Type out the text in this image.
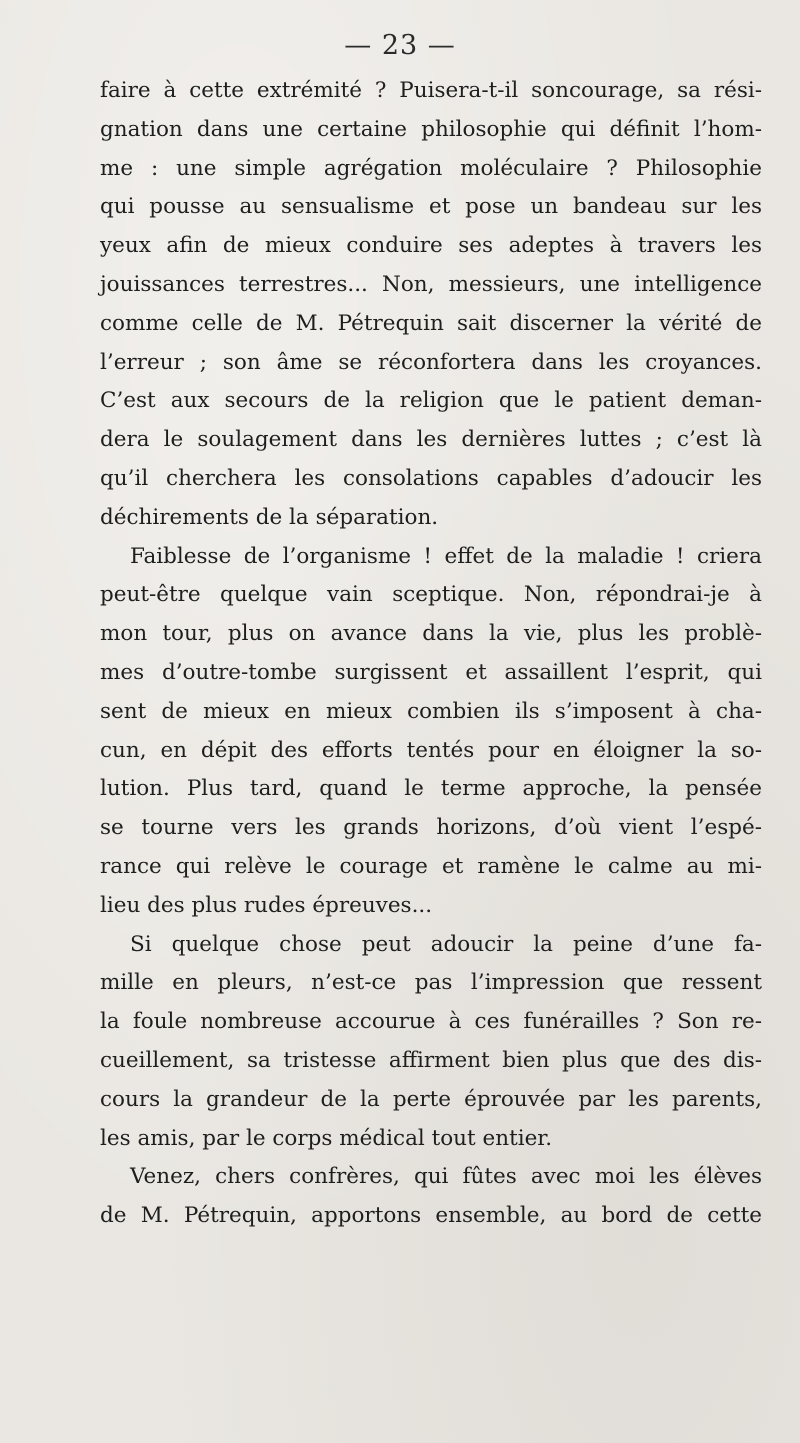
— 23 —
faire à cette extrémité ? Puisera-t-il soncourage, sa rési-
gnation dans une certaine philosophie qui définit l’hom-
me : une simple agrégation moléculaire ? Philosophie
qui pousse au sensualisme et pose un bandeau sur les
yeux afin de mieux conduire ses adeptes à travers les
jouissances terrestres... Non, messieurs, une intelligence
comme celle de M. Pétrequin sait discerner la vérité de
l’erreur ; son âme se réconfortera dans les croyances.
C’est aux secours de la religion que le patient deman-
dera le soulagement dans les dernières luttes ; c’est là
qu’il cherchera les consolations capables d’adoucir les
déchirements de la séparation.
Faiblesse de l’organisme ! effet de la maladie ! criera
peut-être quelque vain sceptique. Non, répondrai-je à
mon tour, plus on avance dans la vie, plus les problè-
mes d’outre-tombe surgissent et assaillent l’esprit, qui
sent de mieux en mieux combien ils s’imposent à cha-
cun, en dépit des efforts tentés pour en éloigner la so-
lution. Plus tard, quand le terme approche, la pensée
se tourne vers les grands horizons, d’où vient l’espé-
rance qui relève le courage et ramène le calme au mi-
lieu des plus rudes épreuves...
Si quelque chose peut adoucir la peine d’une fa-
mille en pleurs, n’est-ce pas l’impression que ressent
la foule nombreuse accourue à ces funérailles ? Son re-
cueillement, sa tristesse affirment bien plus que des dis-
cours la grandeur de la perte éprouvée par les parents,
les amis, par le corps médical tout entier.
Venez, chers confrères, qui fûtes avec moi les élèves
de M. Pétrequin, apportons ensemble, au bord de cette
